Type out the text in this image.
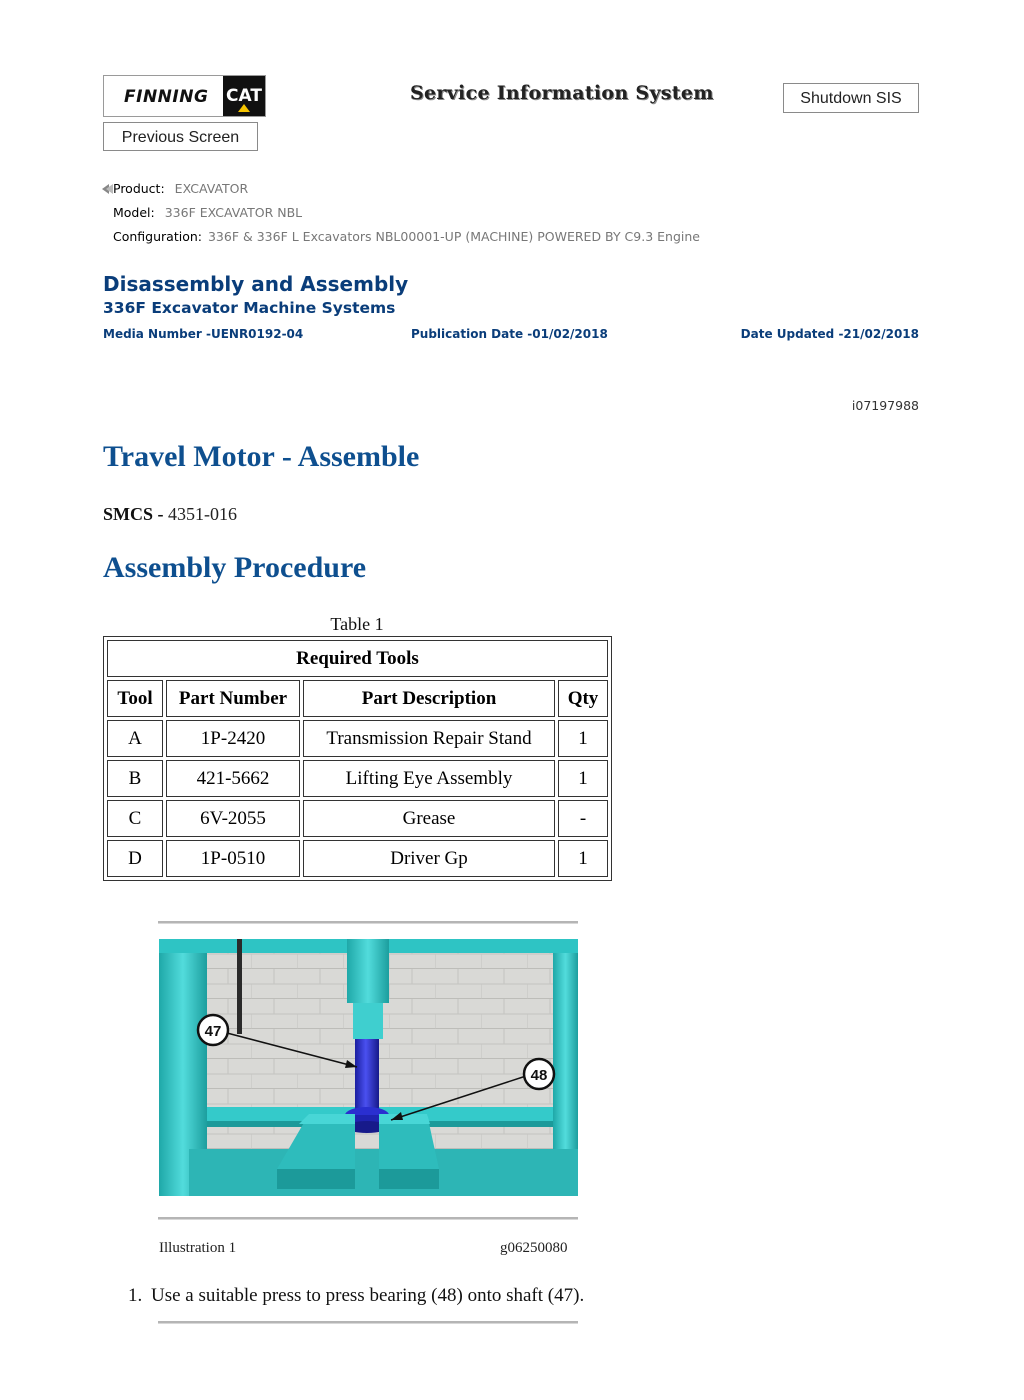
FINNING CAT	Service Information System	Shutdown SIS
Previous Screen
Product: EXCAVATOR
Model: 336F EXCAVATOR NBL
Configuration: 336F & 336F L Excavators NBL00001-UP (MACHINE) POWERED BY C9.3 Engine
Disassembly and Assembly
336F Excavator Machine Systems
Media Number -UENR0192-04	Publication Date -01/02/2018	Date Updated -21/02/2018
i07197988
Travel Motor - Assemble
SMCS - 4351-016
Assembly Procedure
Table 1
Required Tools			
Tool	Part Number	Part Description	Qty
A	1P-2420	Transmission Repair Stand	1
B	421-5662	Lifting Eye Assembly	1
C	6V-2055	Grease	-
D	1P-0510	Driver Gp	1
47
48
Illustration 1	g06250080
1. Use a suitable press to press bearing (48) onto shaft (47).
